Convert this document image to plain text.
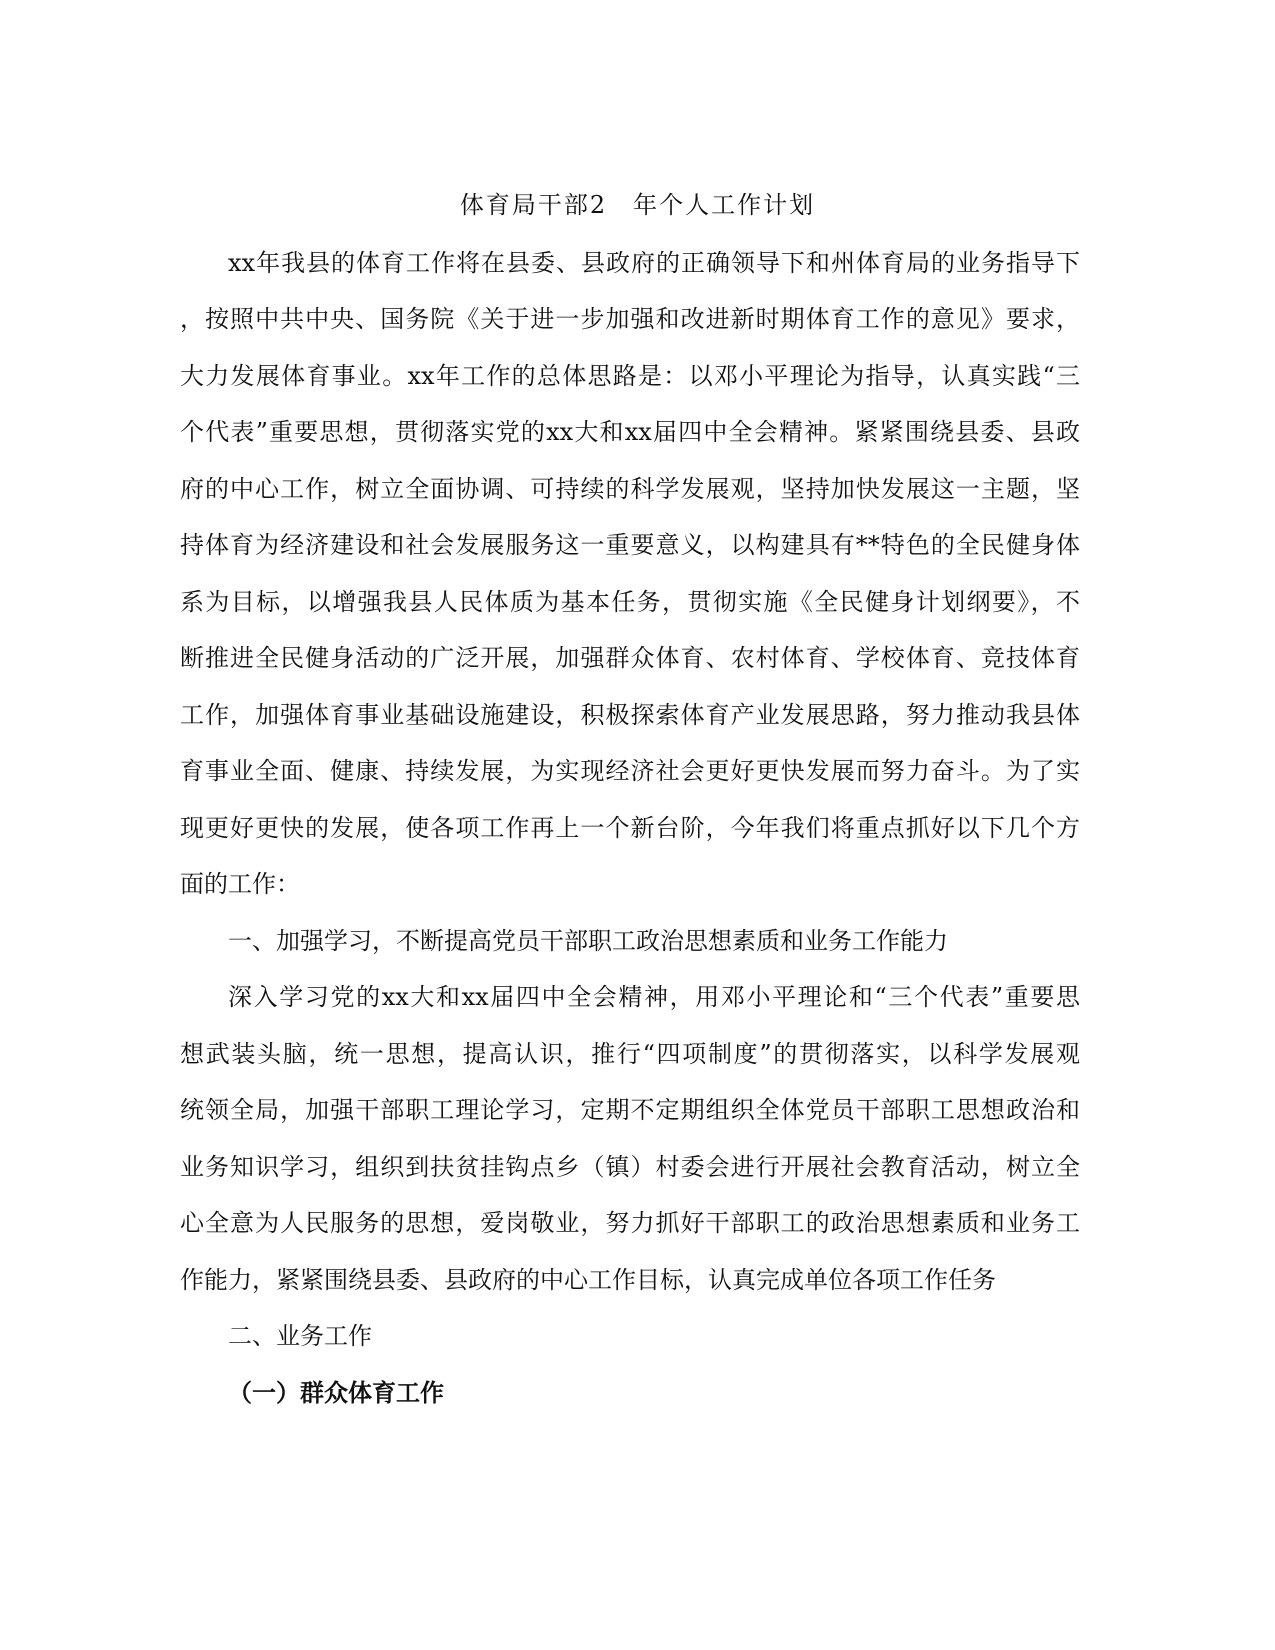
体育局干部2　年个人工作计划
xx年我县的体育工作将在县委、县政府的正确领导下和州体育局的业务指导下
，按照中共中央、国务院《关于进一步加强和改进新时期体育工作的意见》要求，
大力发展体育事业。xx年工作的总体思路是：以邓小平理论为指导，认真实践“三
个代表”重要思想，贯彻落实党的xx大和xx届四中全会精神。紧紧围绕县委、县政
府的中心工作，树立全面协调、可持续的科学发展观，坚持加快发展这一主题，坚
持体育为经济建设和社会发展服务这一重要意义，以构建具有**特色的全民健身体
系为目标，以增强我县人民体质为基本任务，贯彻实施《全民健身计划纲要》，不
断推进全民健身活动的广泛开展，加强群众体育、农村体育、学校体育、竞技体育
工作，加强体育事业基础设施建设，积极探索体育产业发展思路，努力推动我县体
育事业全面、健康、持续发展，为实现经济社会更好更快发展而努力奋斗。为了实
现更好更快的发展，使各项工作再上一个新台阶，今年我们将重点抓好以下几个方
面的工作：
一、加强学习，不断提高党员干部职工政治思想素质和业务工作能力
深入学习党的xx大和xx届四中全会精神，用邓小平理论和“三个代表”重要思
想武装头脑，统一思想，提高认识，推行“四项制度”的贯彻落实，以科学发展观
统领全局，加强干部职工理论学习，定期不定期组织全体党员干部职工思想政治和
业务知识学习，组织到扶贫挂钩点乡（镇）村委会进行开展社会教育活动，树立全
心全意为人民服务的思想，爱岗敬业，努力抓好干部职工的政治思想素质和业务工
作能力，紧紧围绕县委、县政府的中心工作目标，认真完成单位各项工作任务
二、业务工作
（一）群众体育工作
